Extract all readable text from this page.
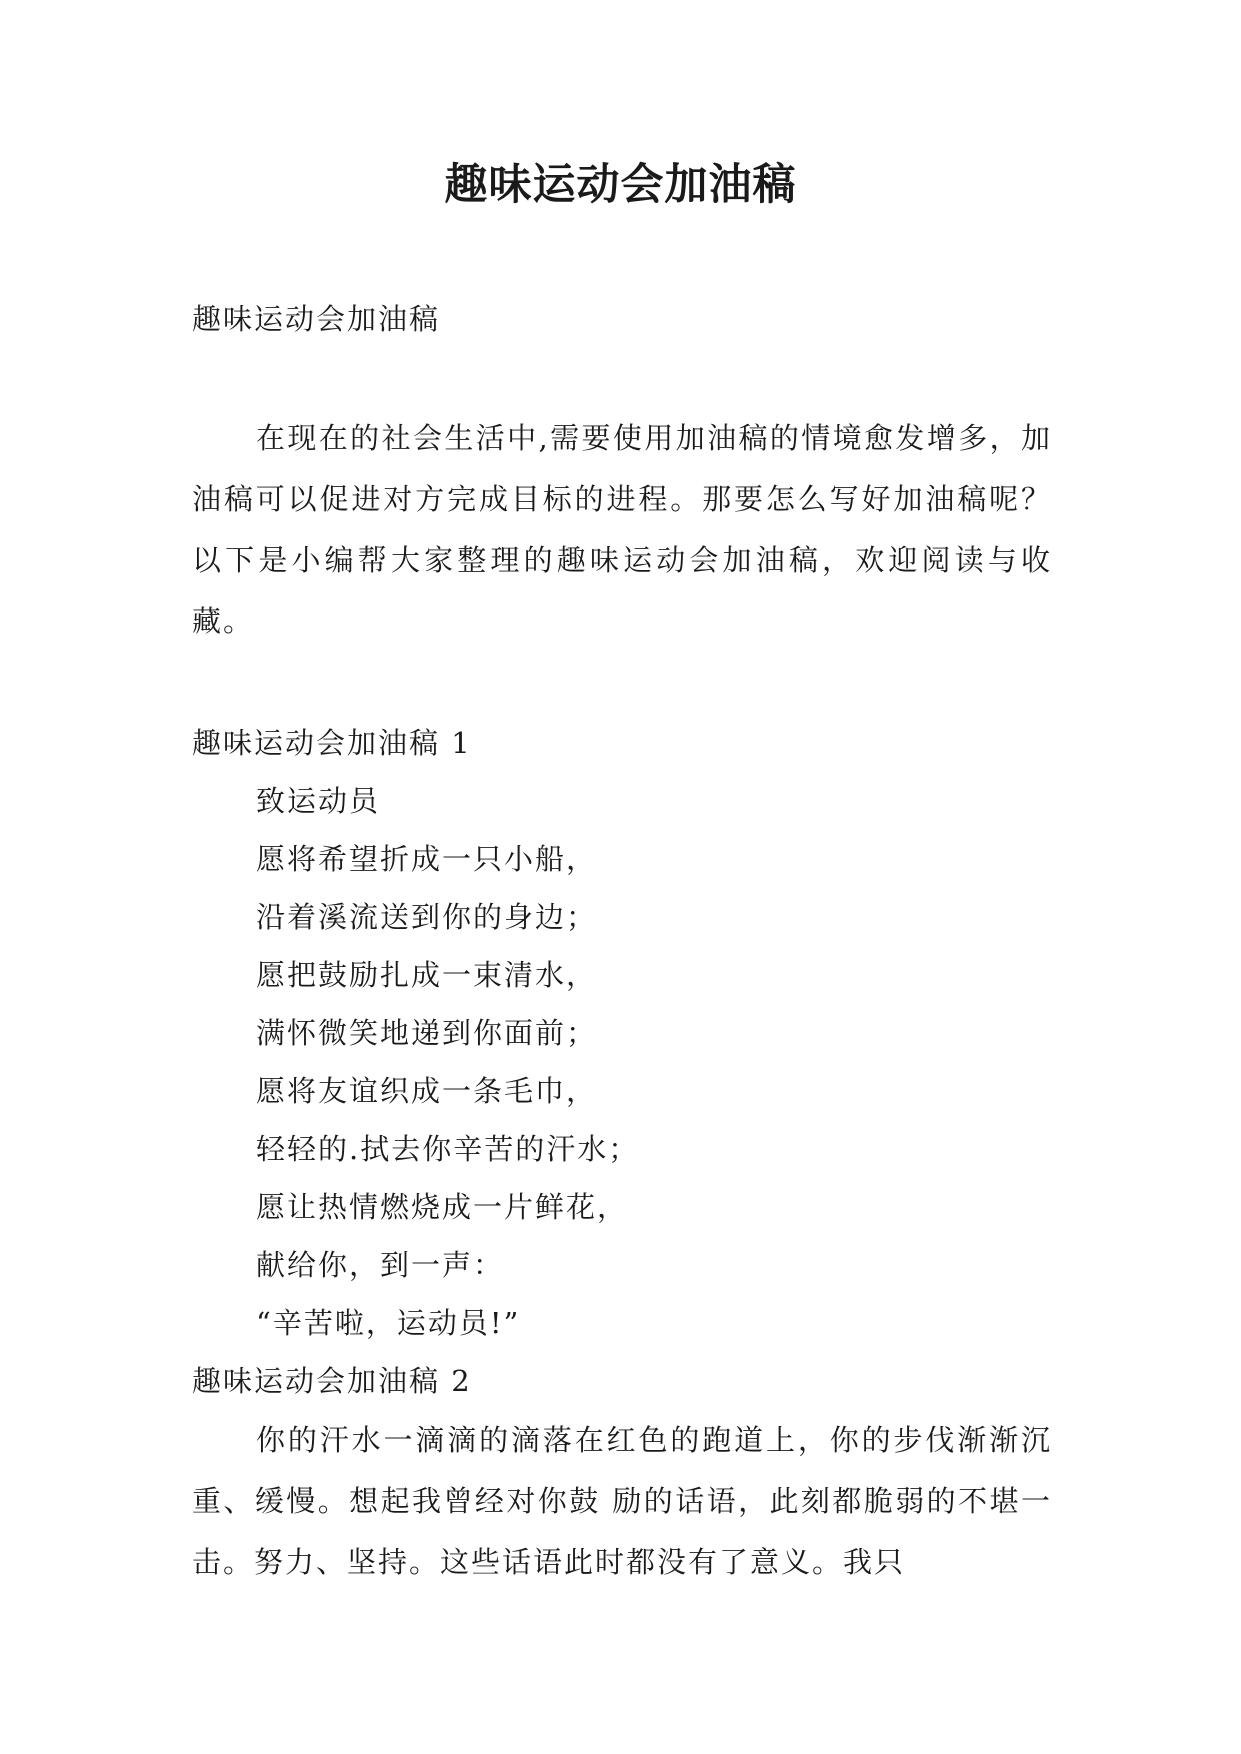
趣味运动会加油稿

趣味运动会加油稿

在现在的社会生活中,需要使用加油稿的情境愈发增多，加油稿可以促进对方完成目标的进程。那要怎么写好加油稿呢？以下是小编帮大家整理的趣味运动会加油稿，欢迎阅读与收藏。

趣味运动会加油稿 1

致运动员

愿将希望折成一只小船，

沿着溪流送到你的身边；

愿把鼓励扎成一束清水，

满怀微笑地递到你面前；

愿将友谊织成一条毛巾，

轻轻的.拭去你辛苦的汗水；

愿让热情燃烧成一片鲜花，

献给你，到一声：

“辛苦啦，运动员!”

趣味运动会加油稿 2

你的汗水一滴滴的滴落在红色的跑道上，你的步伐渐渐沉重、缓慢。想起我曾经对你鼓 励的话语，此刻都脆弱的不堪一击。努力、坚持。这些话语此时都没有了意义。我只
